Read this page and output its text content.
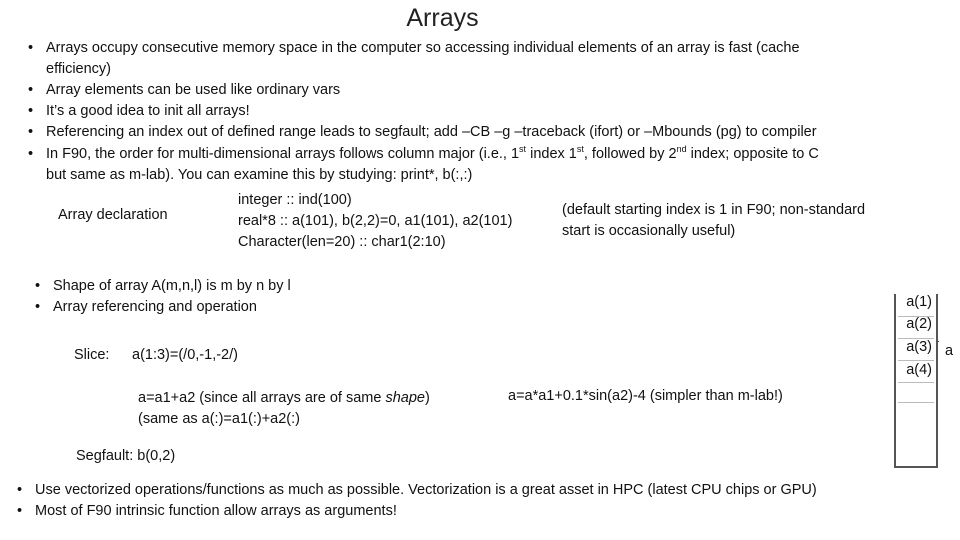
Arrays
• Arrays occupy consecutive memory space in the computer so accessing individual elements of an array is fast (cache
efficiency)
• Array elements can be used like ordinary vars
• It’s a good idea to init all arrays!
• Referencing an index out of defined range leads to segfault; add –CB –g –traceback (ifort) or –Mbounds (pg) to compiler
• In F90, the order for multi-dimensional arrays follows column major (i.e., 1st index 1st, followed by 2nd index; opposite to C
but same as m-lab). You can examine this by studying: print*, b(:,:)
Array declaration
integer :: ind(100)
real*8 :: a(101), b(2,2)=0, a1(101), a2(101)
Character(len=20) :: char1(2:10)
(default starting index is 1 in F90; non-standard
start is occasionally useful)
• Shape of array A(m,n,l) is m by n by l
• Array referencing and operation
Slice: a(1:3)=(/0,-1,-2/)
a=a1+a2 (since all arrays are of same shape)
(same as a(:)=a1(:)+a2(:)
a=a*a1+0.1*sin(a2)-4 (simpler than m-lab!)
Segfault: b(0,2)
a(1)
a(2)
a(3)
a(4)
a
• Use vectorized operations/functions as much as possible. Vectorization is a great asset in HPC (latest CPU chips or GPU)
• Most of F90 intrinsic function allow arrays as arguments!
